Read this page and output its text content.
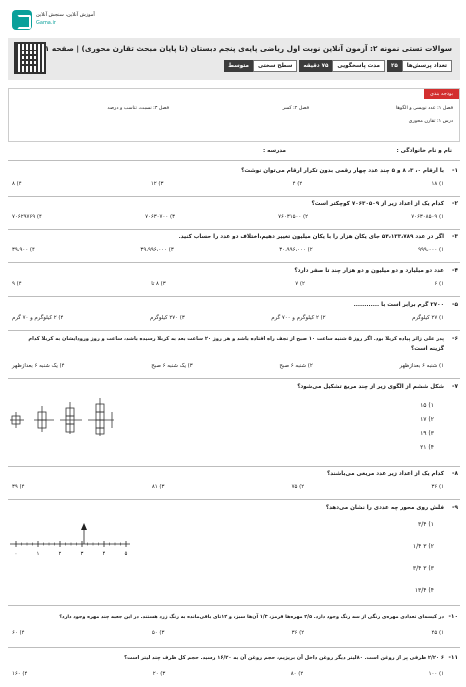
آموزش آنلاین، سنجش آنلاین
Gama.ir
سوالات تستی نمونه ۲: آزمون آنلاین نوبت اول ریاضی پایه‌ی پنجم دبستان (تا پایان مبحث تقارن محوری) | صفحه ۱
تعداد پرسش‌ها
۲۵
مدت پاسخگویی
۷۵ دقیقه
سطح سختی
متوسط
بودجه بندی
فصل ۱: عدد نویسی و الگوها
فصل ۲: کسر
فصل ۳: نسبت، تناسب و درصد
درس ۱: تقارن محوری
نام و نام خانوادگی :
مدرسه :
۱-
با ارقام ۰، ۳، ۸ و ۵ چند عدد چهار رقمی بدون تکرار ارقام می‌توان نوشت؟
۱) ۱۸
۲) ۴
۳) ۱۲
۴) ۸
۲-
کدام یک از اعداد زیر از ۷۰۶۳۰۵۰۹ کوچکتر است؟
۱) ۷۰۶۳۰۸۵۰۹
۲) ۷۶۰۳۱۵۰۰
۳) ۷۰۶۳۰۷۰۰
۴) ۷۰۶۲۹۷۶۹
۳-
اگر در عدد ۵۴،۱۳۳،۷۸۹ جای یکان هزار را با یکان میلیون تغییر دهیم،اختلاف دو عدد را حساب کنید.
۱) ۹۹۹،۰۰۰
۲) ۳۰،۹۹۶،۰۰۰
۳) ۳۹،۹۹۶،۰۰۰
۴) ۳۹،۹۰۰
۴-
عدد دو میلیارد و دو میلیون و دو هزار چند تا صفر دارد؟
۱) ۶
۲) ۷
۳) ۸ تا
۴) ۹
۵-
۲۷۰۰ گرم برابر است با ............
۱) ۲۷ کیلوگرم
۲) ۲ کیلوگرم و ۷۰۰ گرم
۳) ۲۷۰ کیلوگرم
۴) ۲ کیلوگرم و ۷۰ گرم
۶-
پدر علی زائر پیاده کربلا بود. اگر روز ۵ شنبه ساعت ۱۰ صبح از نجف راه افتاده باشد و هر روز ۲۰ ساعت بعد به کربلا رسیده باشد، ساعت و روز ورودایشان به کربلا کدام
گزینه است؟
۱) شنبه ۶ بعدازظهر
۲) شنبه ۶ صبح
۳) یک شنبه ۶ صبح
۴) یک شنبه ۶ بعدازظهر
۷-
شکل ششم از الگوی زیر از چند مربع تشکیل می‌شود؟
۱) ۱۵
۲) ۱۷
۳) ۱۹
۴) ۲۱
۸-
کدام یک از اعداد زیر عدد مربعی می‌باشند؟
۱) ۳۶
۲) ۷۵
۳) ۸۱
۴) ۳۹
۹-
فلش روی محور چه عددی را نشان می‌دهد؟
۱) ۳/۴
۲) ۳ ۱/۴
۳) ۳ ۳/۴
۴) ۱۳/۴
۰	۱	۲	۳	۴	۵
۱۰-
در کیسه‌ای تعدادی مهره‌ی رنگی از سه رنگ وجود دارد. ۲/۵ مهره‌ها قرمز، ۱/۳ آن‌ها سبز، و ۱۲تای باقی‌مانده به رنگ زرد هستند. در این جعبه چند مهره وجود دارد؟
۱) ۴۵
۲) ۳۶
۳) ۵۰
۴) ۶۰
۱۱-
۶ ۲/۲۰ ظرفی پر از روغن است. ۸۰لیتر دیگر روغن داخل آن بریزیم، حجم روغن آن به ۱۶/۲۰ رسید. حجم کل ظرف چند لیتر است؟
۱) ۱۰۰
۲) ۸۰
۳) ۲۰
۴) ۱۶۰
